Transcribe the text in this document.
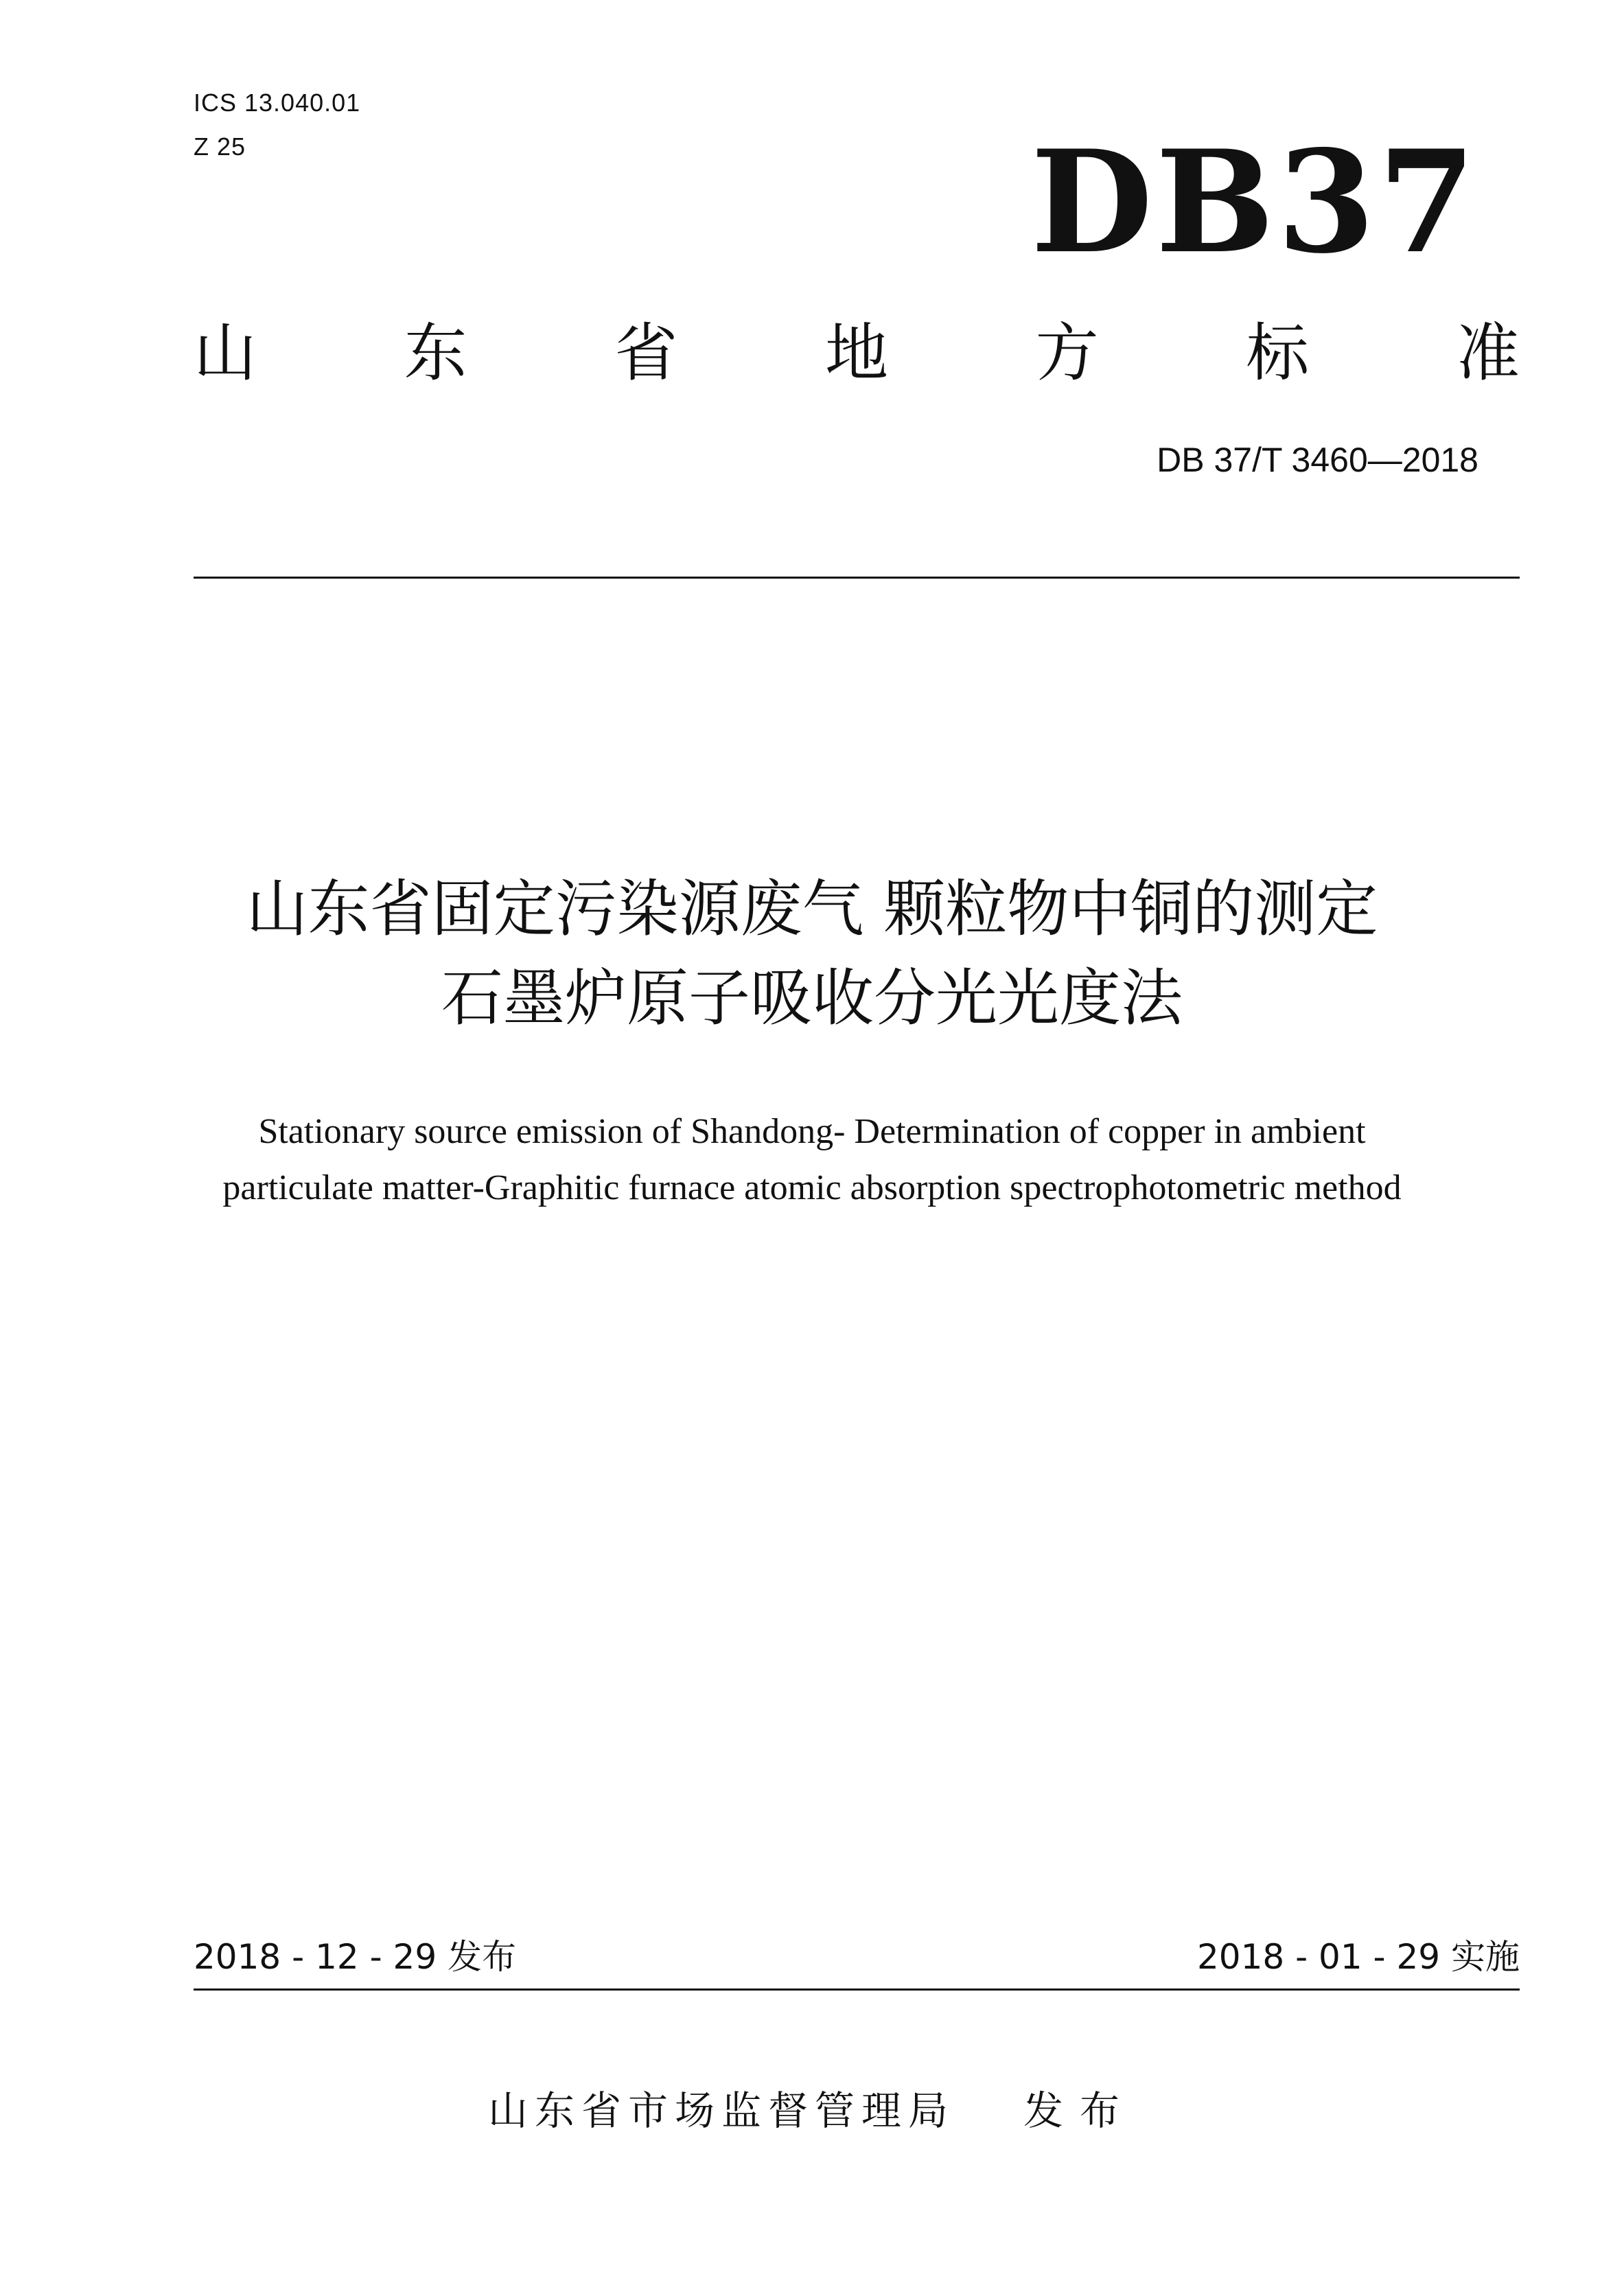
ICS 13.040.01
Z 25	DB37
山 东 省 地 方 标 准
DB 37/T 3460—2018
山东省固定污染源废气 颗粒物中铜的测定
石墨炉原子吸收分光光度法
Stationary source emission of Shandong- Determination of copper in ambient
particulate matter-Graphitic furnace atomic absorption spectrophotometric method
2018 - 12 - 29 发布	2018 - 01 - 29 实施
山东省市场监督管理局 发布
